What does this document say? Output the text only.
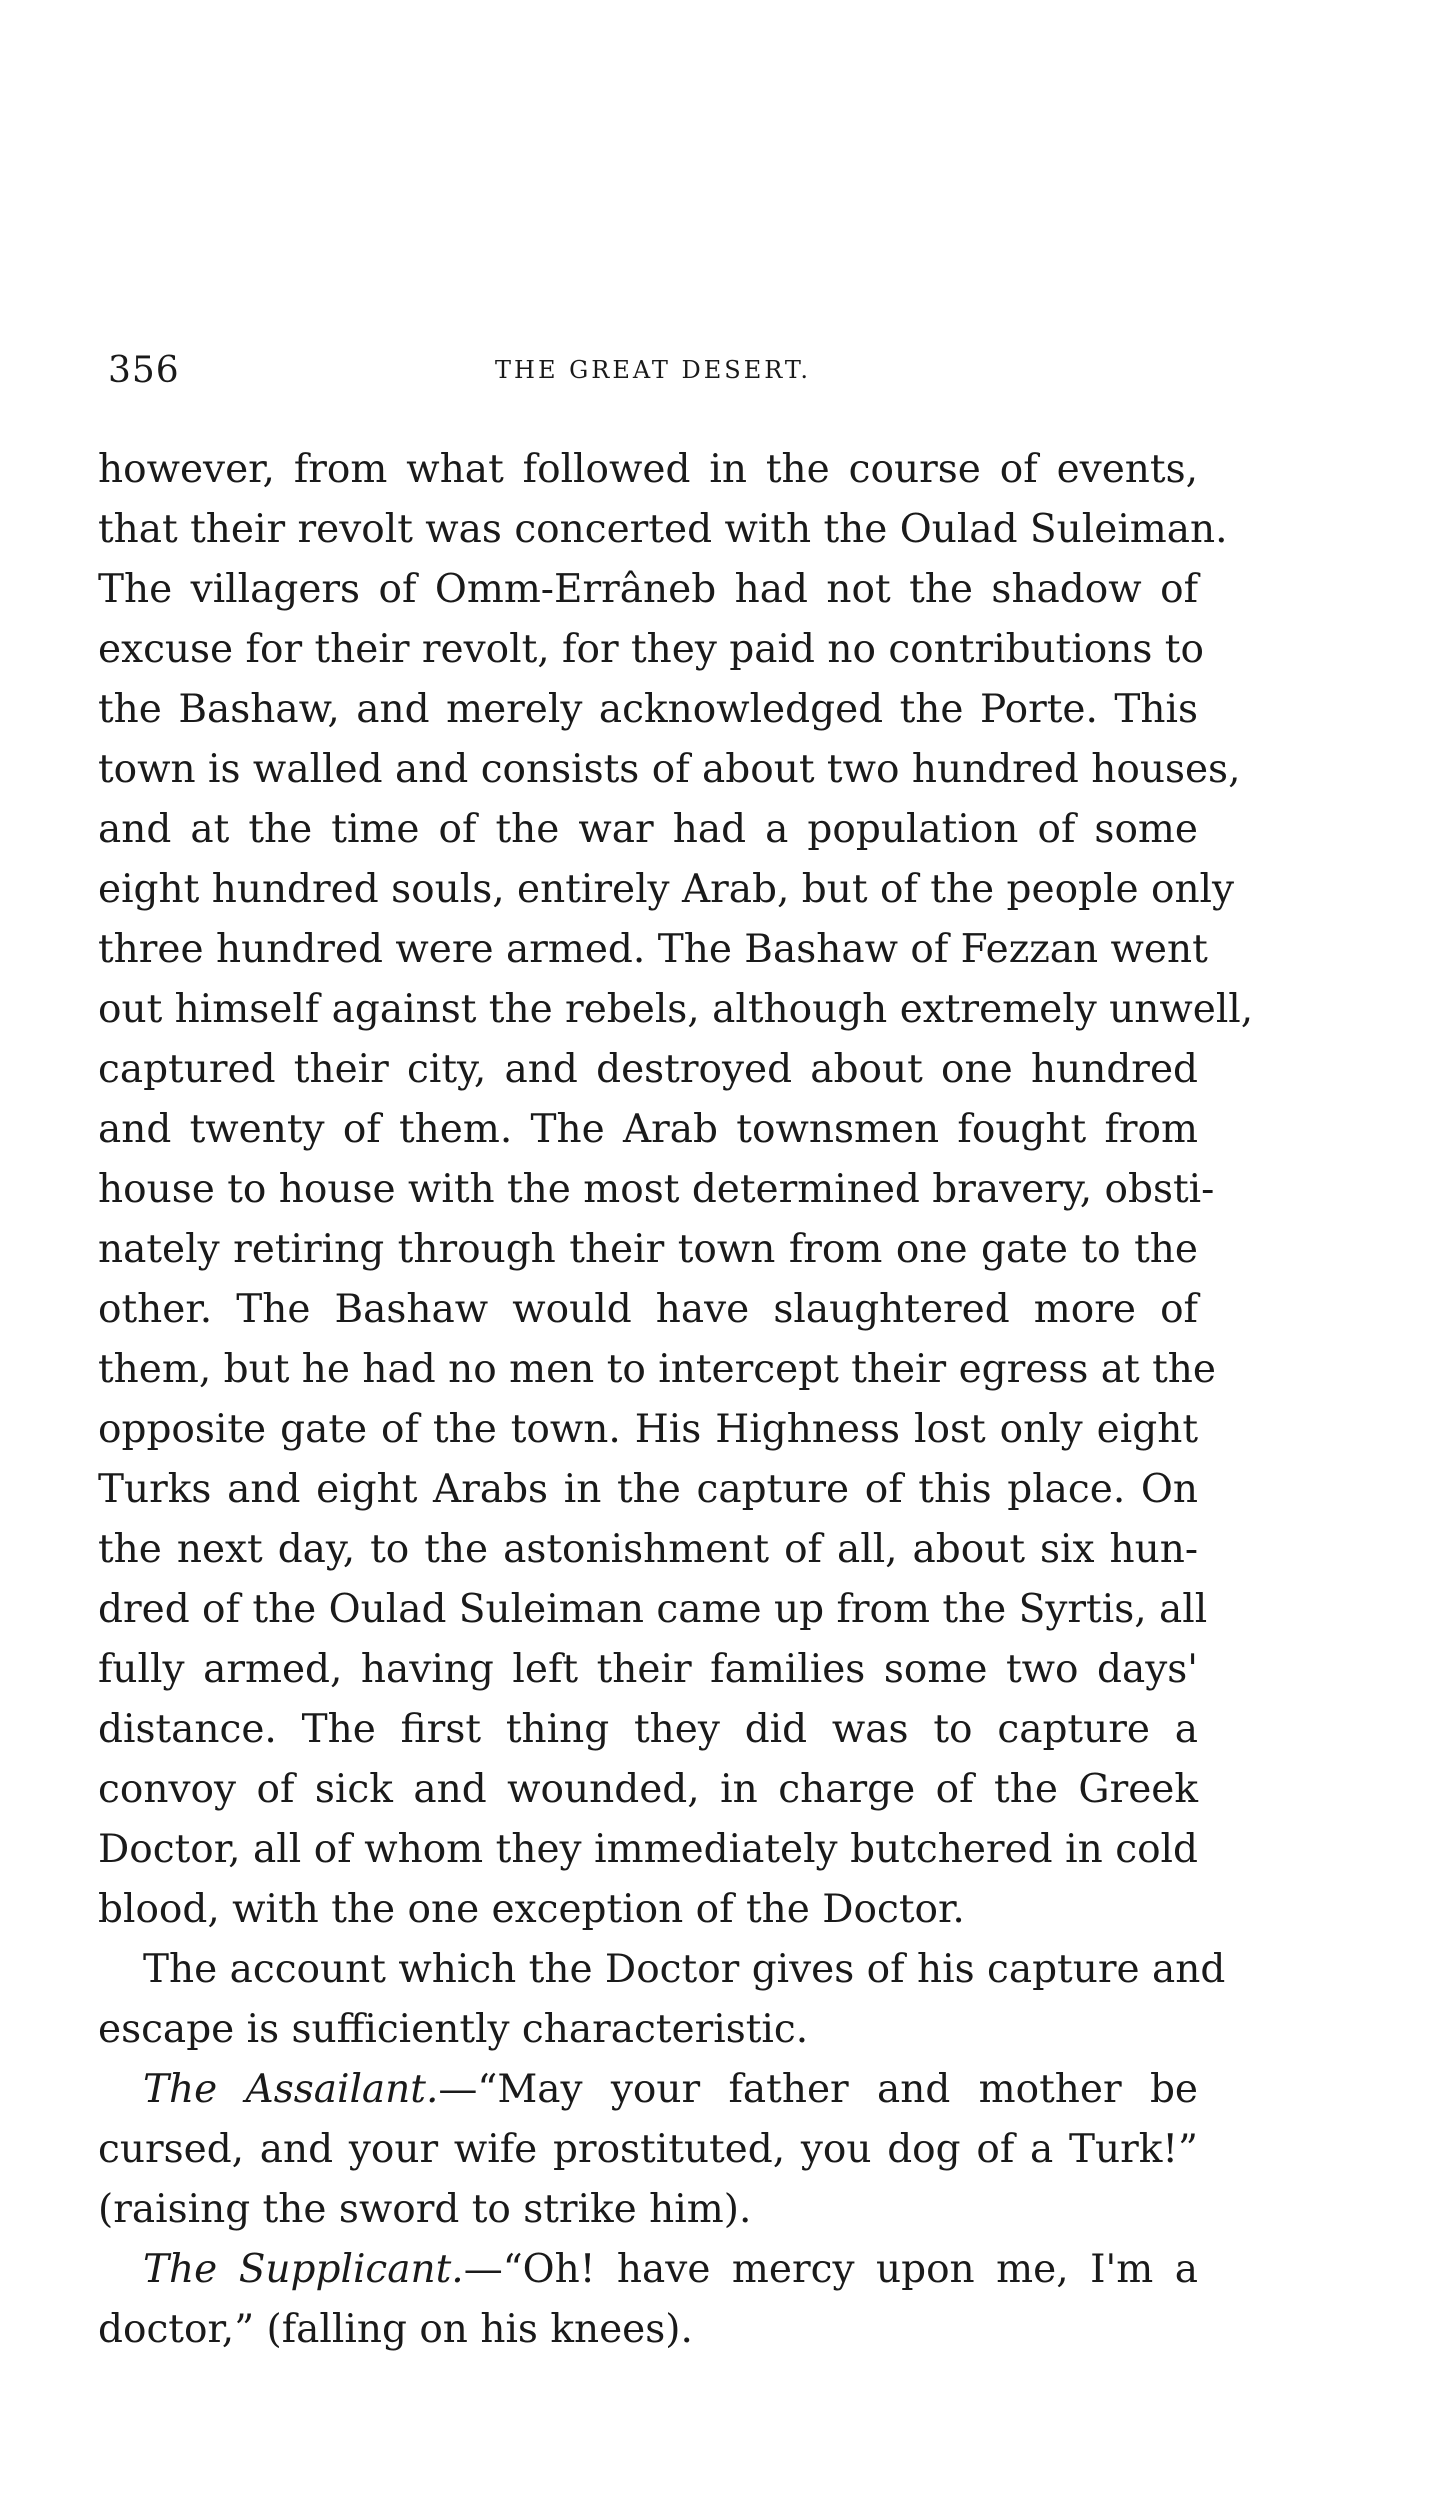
356	THE GREAT DESERT.
however, from what followed in the course of events,
that their revolt was concerted with the Oulad Suleiman.
The villagers of Omm-Errâneb had not the shadow of
excuse for their revolt, for they paid no contributions to
the Bashaw, and merely acknowledged the Porte. This
town is walled and consists of about two hundred houses,
and at the time of the war had a population of some
eight hundred souls, entirely Arab, but of the people only
three hundred were armed. The Bashaw of Fezzan went
out himself against the rebels, although extremely unwell,
captured their city, and destroyed about one hundred
and twenty of them. The Arab townsmen fought from
house to house with the most determined bravery, obsti-
nately retiring through their town from one gate to the
other. The Bashaw would have slaughtered more of
them, but he had no men to intercept their egress at the
opposite gate of the town. His Highness lost only eight
Turks and eight Arabs in the capture of this place. On
the next day, to the astonishment of all, about six hun-
dred of the Oulad Suleiman came up from the Syrtis, all
fully armed, having left their families some two days'
distance. The first thing they did was to capture a
convoy of sick and wounded, in charge of the Greek
Doctor, all of whom they immediately butchered in cold
blood, with the one exception of the Doctor.
The account which the Doctor gives of his capture and
escape is sufficiently characteristic.
The Assailant.—“May your father and mother be
cursed, and your wife prostituted, you dog of a Turk!”
(raising the sword to strike him).
The Supplicant.—“Oh! have mercy upon me, I'm a
doctor,” (falling on his knees).
